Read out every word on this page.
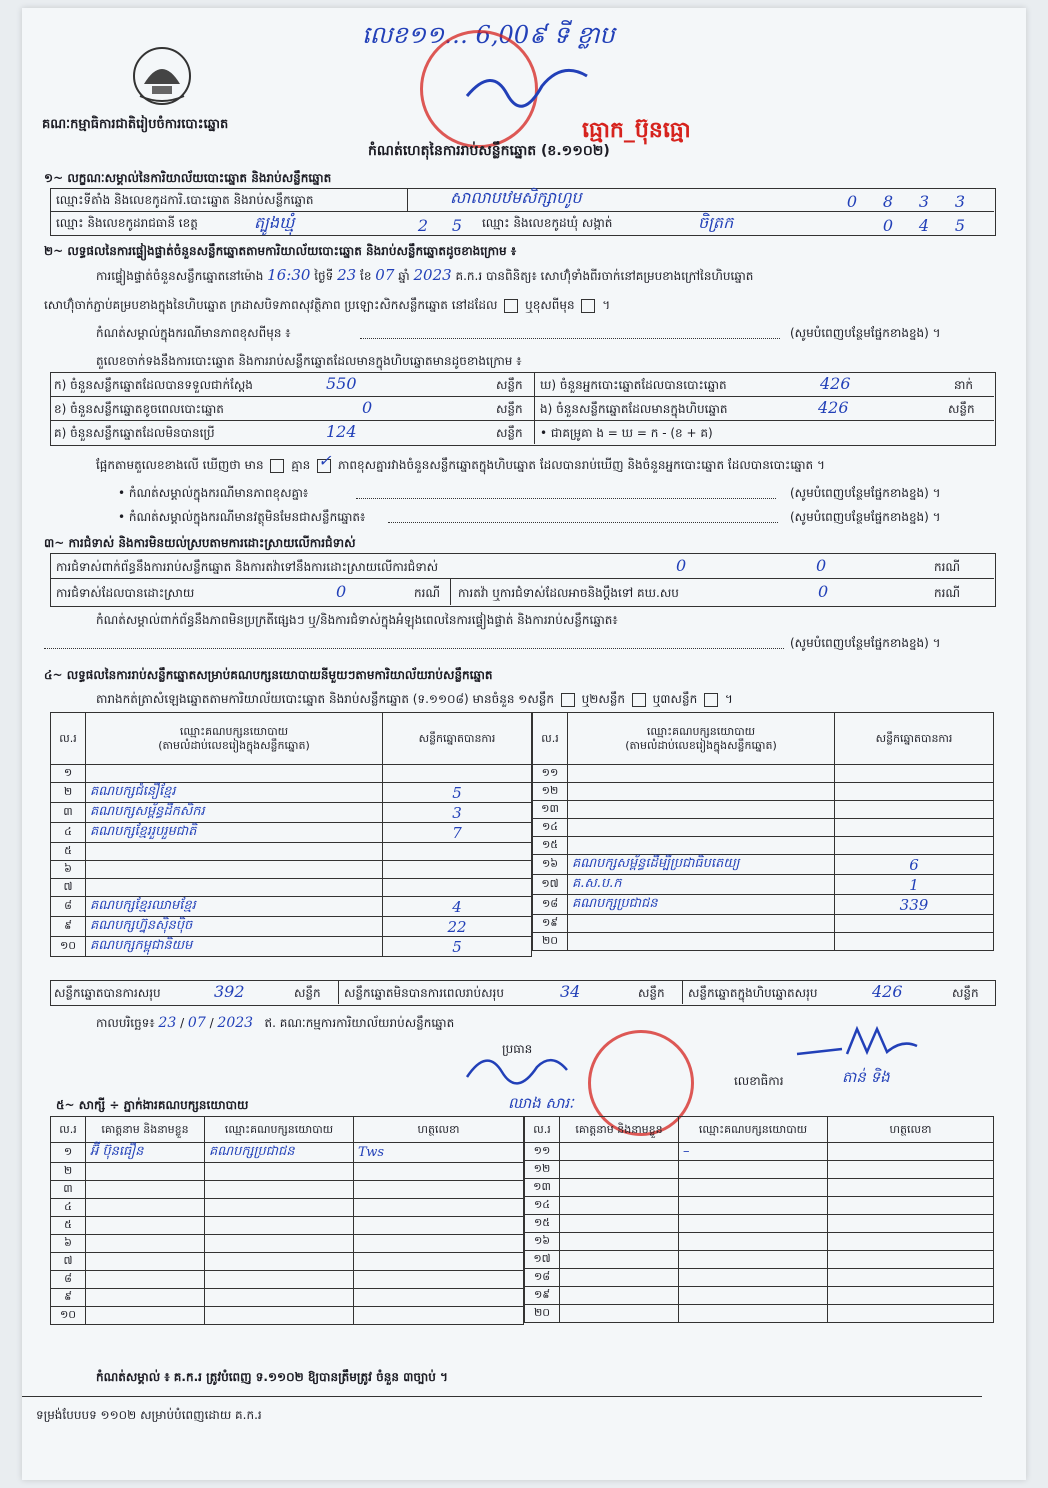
លេខ១១… 6,00៩ ទី ខ្លាប
គណៈកម្មាធិការជាតិរៀបចំការបោះឆ្នោត	ធ្មោក_ប៊ុនធ្មោ
កំណត់ហេតុនៃការរាប់សន្លឹកឆ្នោត (ខ.១១០២)
១~ លក្ខណៈសម្គាល់នៃការិយាល័យបោះឆ្នោត និងរាប់សន្លឹកឆ្នោត
ឈ្មោះទីតាំង និងលេខកូដការិ.បោះឆ្នោត និងរាប់សន្លឹកឆ្នោត	សាលាបឋមសិក្សាហូប	0 8 3 3
ឈ្មោះ និងលេខកូដរាជធានី ខេត្ត	ត្បូងឃ្មុំ	2 5	ឈ្មោះ និងលេខកូដឃុំ សង្កាត់	ចិត្រក	0 4 5
២~ លទ្ធផលនៃការផ្ទៀងផ្ទាត់ចំនួនសន្លឹកឆ្នោតតាមការិយាល័យបោះឆ្នោត និងរាប់សន្លឹកឆ្នោតដូចខាងក្រោម ៖
ការផ្ទៀងផ្ទាត់ចំនួនសន្លឹកឆ្នោតនៅម៉ោង 16:30 ថ្ងៃទី 23 ខែ 07 ឆ្នាំ 2023 គ.ក.រ បានពិនិត្យ៖ សោហ៊ុំទាំងពីរចាក់នៅគម្របខាងក្រៅនៃហិបឆ្នោត
សោហ៊ុំចាក់ភ្ជាប់គម្របខាងក្នុងនៃហិបឆ្នោត ក្រដាសបិទភាពសុវត្ថិភាព ប្រឡោះសិកសន្លឹកឆ្នោត នៅដដែល ឬខុសពីមុន  ។
កំណត់សម្គាល់ក្នុងករណីមានភាពខុសពីមុន ៖	(សូមបំពេញបន្ថែមផ្នែកខាងខ្នង) ។
តួលេខចាក់ទងនឹងការបោះឆ្នោត និងការរាប់សន្លឹកឆ្នោតដែលមានក្នុងហិបឆ្នោតមានដូចខាងក្រោម ៖
ក) ចំនួនសន្លឹកឆ្នោតដែលបានទទួលជាក់ស្តែង	550	សន្លឹក
ខ) ចំនួនសន្លឹកឆ្នោតខូចពេលបោះឆ្នោត	0	សន្លឹក
គ) ចំនួនសន្លឹកឆ្នោតដែលមិនបានប្រើ	124	សន្លឹក
ឃ) ចំនួនអ្នកបោះឆ្នោតដែលបានបោះឆ្នោត	426	នាក់
ង) ចំនួនសន្លឹកឆ្នោតដែលមានក្នុងហិបឆ្នោត	426	សន្លឹក
• ជាគម្រូគា ង = ឃ = ក - (ខ + គ)
ផ្អែកតាមតួលេខខាងលើ ឃើញថា មាន គ្មាន ✓ ភាពខុសគ្នារវាងចំនួនសន្លឹកឆ្នោតក្នុងហិបឆ្នោត ដែលបានរាប់ឃើញ និងចំនួនអ្នកបោះឆ្នោត ដែលបានបោះឆ្នោត ។
• កំណត់សម្គាល់ក្នុងករណីមានភាពខុសគ្នា៖	(សូមបំពេញបន្ថែមផ្នែកខាងខ្នង) ។
• កំណត់សម្គាល់ក្នុងករណីមានវត្ថុមិនមែនជាសន្លឹកឆ្នោត៖	(សូមបំពេញបន្ថែមផ្នែកខាងខ្នង) ។
៣~ ការជំទាស់ និងការមិនយល់ស្របតាមការដោះស្រាយលើការជំទាស់
ការជំទាស់ពាក់ព័ន្ធនឹងការរាប់សន្លឹកឆ្នោត និងការតវ៉ាទៅនឹងការដោះស្រាយលើការជំទាស់	0	0	ករណី
ការជំទាស់ដែលបានដោះស្រាយ	0	ករណី ការតវ៉ា ឬការជំទាស់ដែលអាចនិងប្តឹងទៅ គឃ.សប	0	ករណី
កំណត់សម្គាល់ពាក់ព័ន្ធនឹងភាពមិនប្រក្រតីផ្សេងៗ ឬ/និងការជំទាស់ក្នុងអំឡុងពេលនៃការផ្ទៀងផ្ទាត់ និងការរាប់សន្លឹកឆ្នោត៖
(សូមបំពេញបន្ថែមផ្នែកខាងខ្នង) ។
៤~ លទ្ធផលនៃការរាប់សន្លឹកឆ្នោតសម្រាប់គណបក្សនយោបាយនីមួយៗតាមការិយាល័យរាប់សន្លឹកឆ្នោត
តារាងកត់ត្រាសំឡេងឆ្នោតតាមការិយាល័យបោះឆ្នោត និងរាប់សន្លឹកឆ្នោត (ទ.១១០៨) មានចំនួន ១សន្លឹក ឬ២សន្លឹក ឬ៣សន្លឹក  ។
ល.រ	ឈ្មោះគណបក្សនយោបាយ
(តាមលំដាប់លេខរៀងក្នុងសន្លឹកឆ្នោត)	សន្លឹកឆ្នោតបានការ
១		
២	គណបក្សជំនឿខ្មែរ	5
៣	គណបក្សសម្ព័ន្ធដីកសិករ	3
៤	គណបក្សខ្មែររួបរួមជាតិ	7
៥		
៦		
៧		
៨	គណបក្សខ្មែរឈាមខ្មែរ	4
៩	គណបក្សហ្វ៊ុនស៊ិនប៉ិច	22
១០	គណបក្សកម្ពុជានិយម	5
ល.រ	ឈ្មោះគណបក្សនយោបាយ
(តាមលំដាប់លេខរៀងក្នុងសន្លឹកឆ្នោត)	សន្លឹកឆ្នោតបានការ
១១		
១២		
១៣		
១៤		
១៥		
១៦	គណបក្សសម្ព័ន្ធដើម្បីប្រជាធិបតេយ្យ	6
១៧	គ.ស.ប.ក	1
១៨	គណបក្សប្រជាជន	339
១៩		
២០		
សន្លឹកឆ្នោតបានការសរុប	392	សន្លឹក សន្លឹកឆ្នោតមិនបានការពេលរាប់សរុប	34	សន្លឹក សន្លឹកឆ្នោតក្នុងហិបឆ្នោតសរុប	426	សន្លឹក
កាលបរិច្ឆេទ៖ 23 / 07 / 2023 ឥ. គណៈកម្មការការិយាល័យរាប់សន្លឹកឆ្នោត
ប្រធាន
ឈាង សារៈ
លេខាធិការ	តាន់ ទិង
៥~ សាក្សី ÷ ភ្នាក់ងារគណបក្សនយោបាយ
ល.រ	គោត្តនាម និងនាមខ្លួន	ឈ្មោះគណបក្សនយោបាយ	ហត្ថលេខា
១	អ៊ី ប៊ុនធឿន	គណបក្សប្រជាជន	Tws
២			
៣			
៤			
៥			
៦			
៧			
៨			
៩			
១០			
ល.រ	គោត្តនាម និងនាមខ្លួន	ឈ្មោះគណបក្សនយោបាយ	ហត្ថលេខា
១១		–	
១២			
១៣			
១៤			
១៥			
១៦			
១៧			
១៨			
១៩			
២០			
កំណត់សម្គាល់ ៖ គ.ក.រ ត្រូវបំពេញ ទ.១១០២ ឱ្យបានត្រឹមត្រូវ ចំនួន ៣ច្បាប់ ។
ទម្រង់បែបបទ ១១០២ សម្រាប់បំពេញដោយ គ.ក.រ
